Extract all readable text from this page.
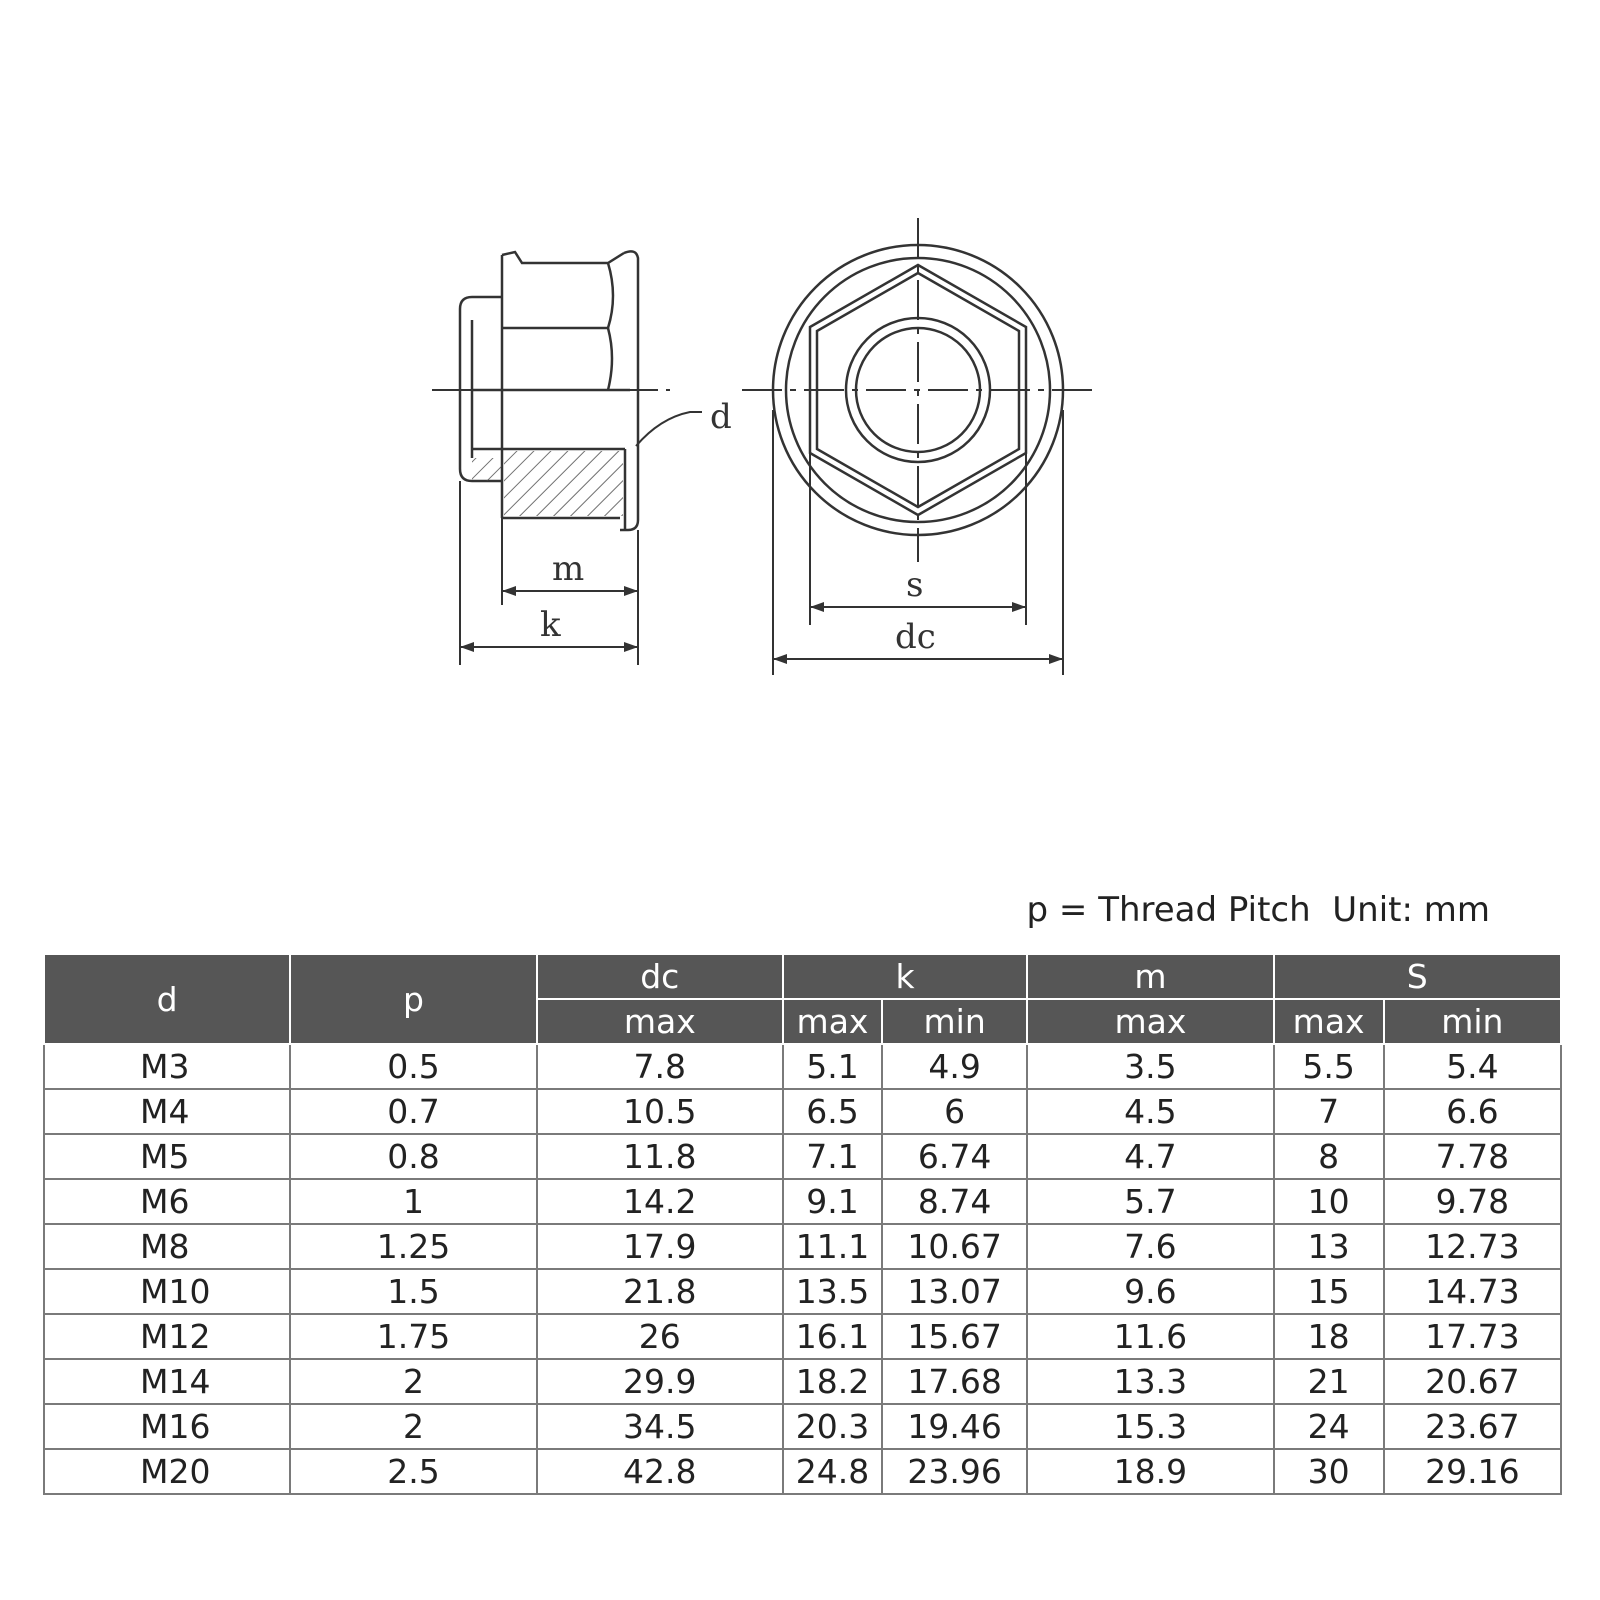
d
m
k
s
dc
p = Thread Pitch  Unit: mm
d	p	dc	k		m	S	
		max	max	min	max	max	min
M3	0.5	7.8	5.1	4.9	3.5	5.5	5.4
M4	0.7	10.5	6.5	6	4.5	7	6.6
M5	0.8	11.8	7.1	6.74	4.7	8	7.78
M6	1	14.2	9.1	8.74	5.7	10	9.78
M8	1.25	17.9	11.1	10.67	7.6	13	12.73
M10	1.5	21.8	13.5	13.07	9.6	15	14.73
M12	1.75	26	16.1	15.67	11.6	18	17.73
M14	2	29.9	18.2	17.68	13.3	21	20.67
M16	2	34.5	20.3	19.46	15.3	24	23.67
M20	2.5	42.8	24.8	23.96	18.9	30	29.16
